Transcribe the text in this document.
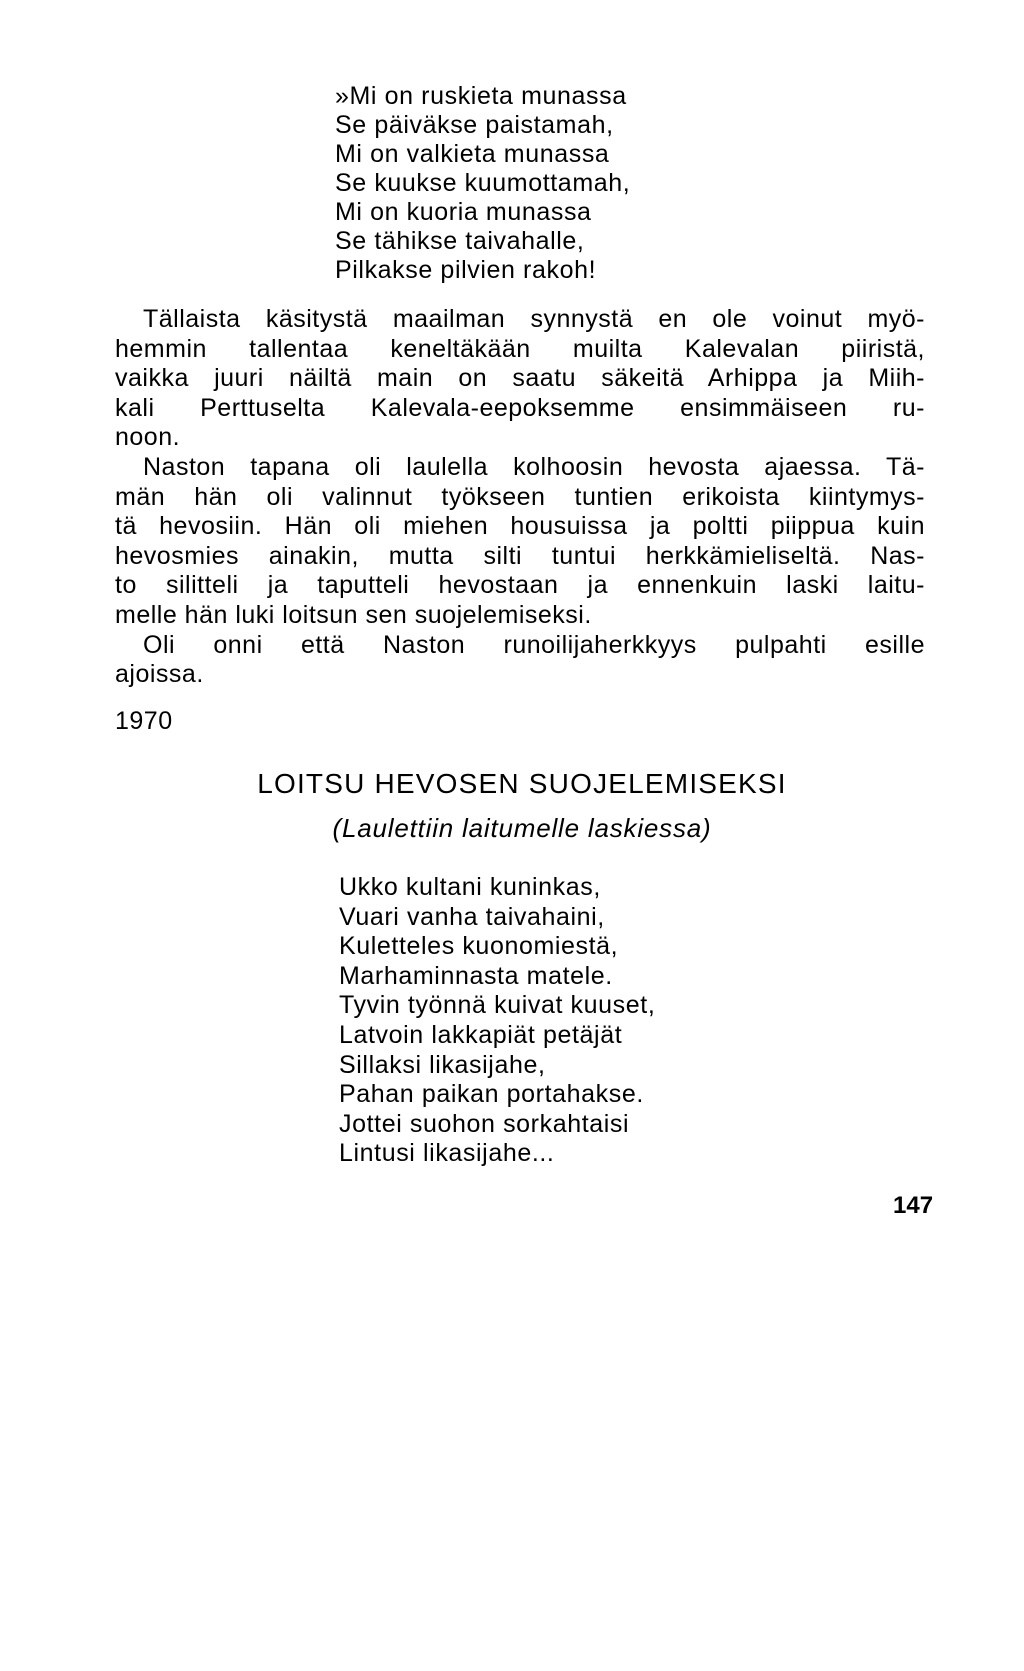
»Mi on ruskieta munassa
Se päiväkse paistamah,
Mi on valkieta munassa
Se kuukse kuumottamah,
Mi on kuoria munassa
Se tähikse taivahalle,
Pilkakse pilvien rakoh!
Tällaista käsitystä maailman synnystä en ole voinut myö-
hemmin tallentaa keneltäkään muilta Kalevalan piiristä,
vaikka juuri näiltä main on saatu säkeitä Arhippa ja Miih-
kali Perttuselta Kalevala-eepoksemme ensimmäiseen ru-
noon.
Naston tapana oli laulella kolhoosin hevosta ajaessa. Tä-
män hän oli valinnut työkseen tuntien erikoista kiintymys-
tä hevosiin. Hän oli miehen housuissa ja poltti piippua kuin
hevosmies ainakin, mutta silti tuntui herkkämieliseltä. Nas-
to silitteli ja taputteli hevostaan ja ennenkuin laski laitu-
melle hän luki loitsun sen suojelemiseksi.
Oli onni että Naston runoilijaherkkyys pulpahti esille
ajoissa.
1970
LOITSU HEVOSEN SUOJELEMISEKSI
(Laulettiin laitumelle laskiessa)
Ukko kultani kuninkas,
Vuari vanha taivahaini,
Kuletteles kuonomiestä,
Marhaminnasta matele.
Tyvin työnnä kuivat kuuset,
Latvoin lakkapiät petäjät
Sillaksi likasijahe,
Pahan paikan portahakse.
Jottei suohon sorkahtaisi
Lintusi likasijahe...
147
